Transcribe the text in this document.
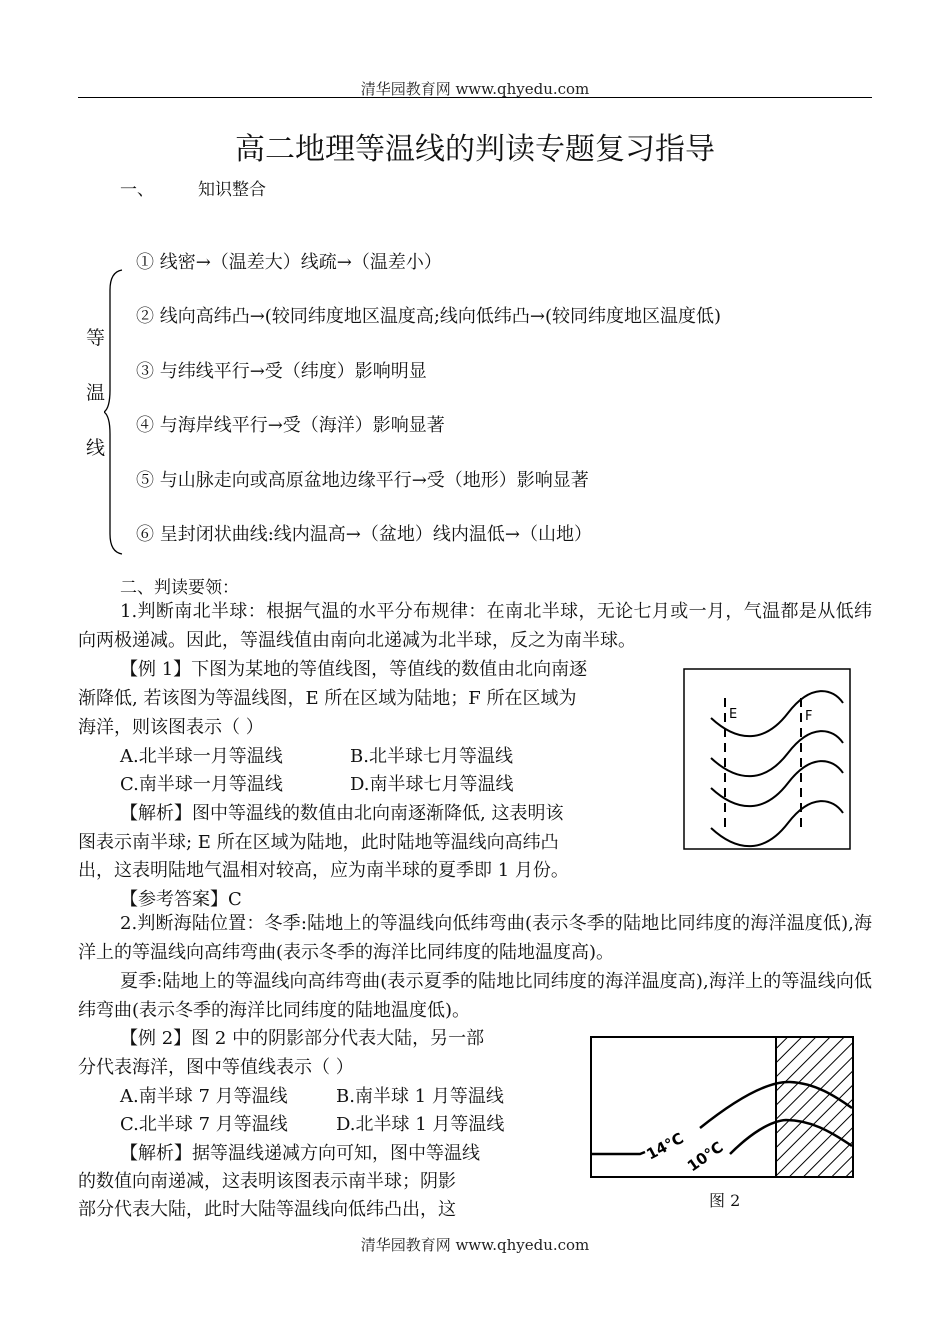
清华园教育网 www.qhyedu.com
高二地理等温线的判读专题复习指导
一、	知识整合
等
温
线
① 线密→（温差大）线疏→（温差小）
② 线向高纬凸→(较同纬度地区温度高;线向低纬凸→(较同纬度地区温度低)
③ 与纬线平行→受（纬度）影响明显
④ 与海岸线平行→受（海洋）影响显著
⑤ 与山脉走向或高原盆地边缘平行→受（地形）影响显著
⑥ 呈封闭状曲线:线内温高→（盆地）线内温低→（山地）
二、判读要领：
1.判断南北半球：根据气温的水平分布规律：在南北半球，无论七月或一月，气温都是从低纬向两极递减。因此，等温线值由南向北递减为北半球，反之为南半球。
【例 1】下图为某地的等值线图，等值线的数值由北向南逐
渐降低, 若该图为等温线图，E 所在区域为陆地；F 所在区域为
海洋，则该图表示（ ）
A.北半球一月等温线	B.北半球七月等温线
C.南半球一月等温线	D.南半球七月等温线
【解析】图中等温线的数值由北向南逐渐降低, 这表明该
图表示南半球; E 所在区域为陆地，此时陆地等温线向高纬凸
出，这表明陆地气温相对较高，应为南半球的夏季即 1 月份。
【参考答案】C
E	F
2.判断海陆位置：冬季:陆地上的等温线向低纬弯曲(表示冬季的陆地比同纬度的海洋温度低),海洋上的等温线向高纬弯曲(表示冬季的海洋比同纬度的陆地温度高)。
夏季:陆地上的等温线向高纬弯曲(表示夏季的陆地比同纬度的海洋温度高),海洋上的等温线向低纬弯曲(表示冬季的海洋比同纬度的陆地温度低)。
【例 2】图 2 中的阴影部分代表大陆，另一部
分代表海洋，图中等值线表示（ ）
A.南半球 7 月等温线	B.南半球 1 月等温线
C.北半球 7 月等温线	D.北半球 1 月等温线
【解析】据等温线递减方向可知，图中等温线
的数值向南递减，这表明该图表示南半球；阴影
部分代表大陆，此时大陆等温线向低纬凸出，这
14°C
10°C
图 2
清华园教育网 www.qhyedu.com
